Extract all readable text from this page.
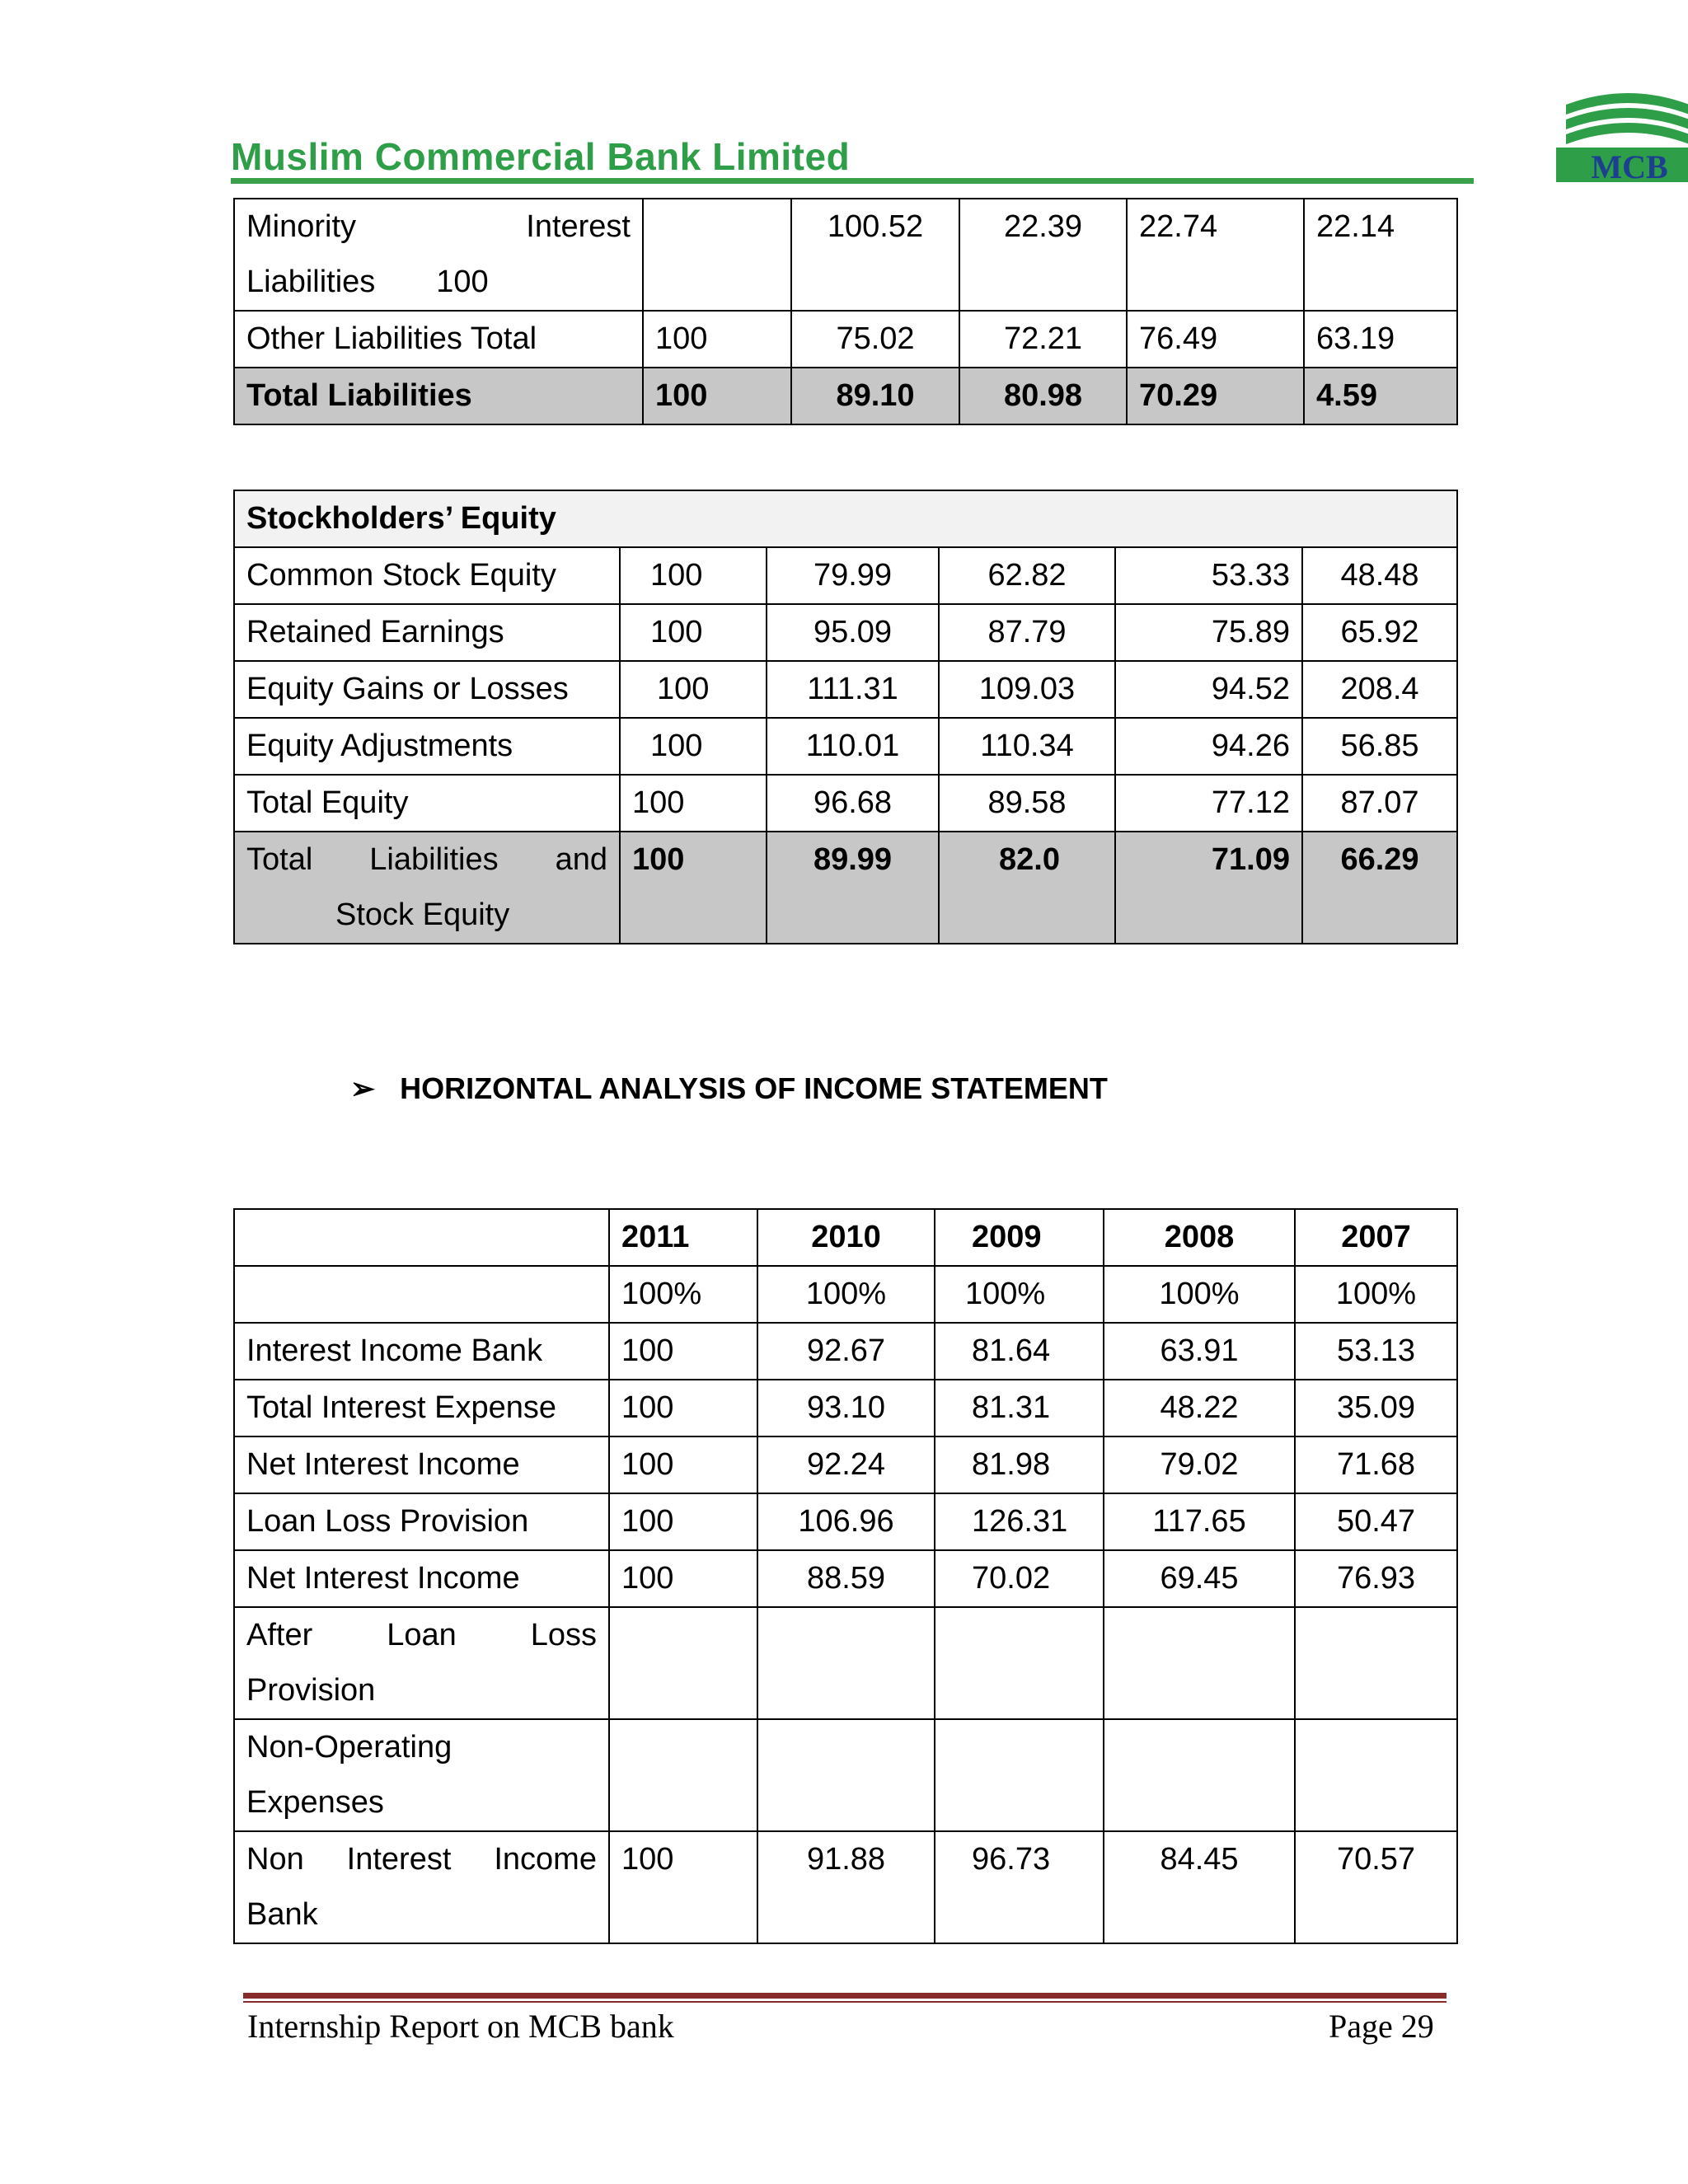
Muslim Commercial Bank Limited	MCB
Minority Interest
Liabilities 100		100.52	22.39	22.74	22.14
Other Liabilities Total	100	75.02	72.21	76.49	63.19
Total Liabilities	100	89.10	80.98	70.29	4.59
Stockholders’ Equity					
Common Stock Equity	100	79.99	62.82	53.33	48.48
Retained Earnings	100	95.09	87.79	75.89	65.92
Equity Gains or Losses	100	111.31	109.03	94.52	208.4
Equity Adjustments	100	110.01	110.34	94.26	56.85
Total Equity	100	96.68	89.58	77.12	87.07

Total Liabilities and
Stock Equity	100	89.99	82.0	71.09	66.29
➢ HORIZONTAL ANALYSIS OF INCOME STATEMENT
	2011	2010	2009	2008	2007
	100%	100%	100%	100%	100%
Interest Income Bank	100	92.67	81.64	63.91	53.13
Total Interest Expense	100	93.10	81.31	48.22	35.09
Net Interest Income	100	92.24	81.98	79.02	71.68
Loan Loss Provision	100	106.96	126.31	117.65	50.47
Net Interest Income	100	88.59	70.02	69.45	76.93

After Loan Loss
Provision					

Non-Operating
Expenses					

Non Interest Income
Bank	100	91.88	96.73	84.45	70.57
Internship Report on MCB bank	Page 29
